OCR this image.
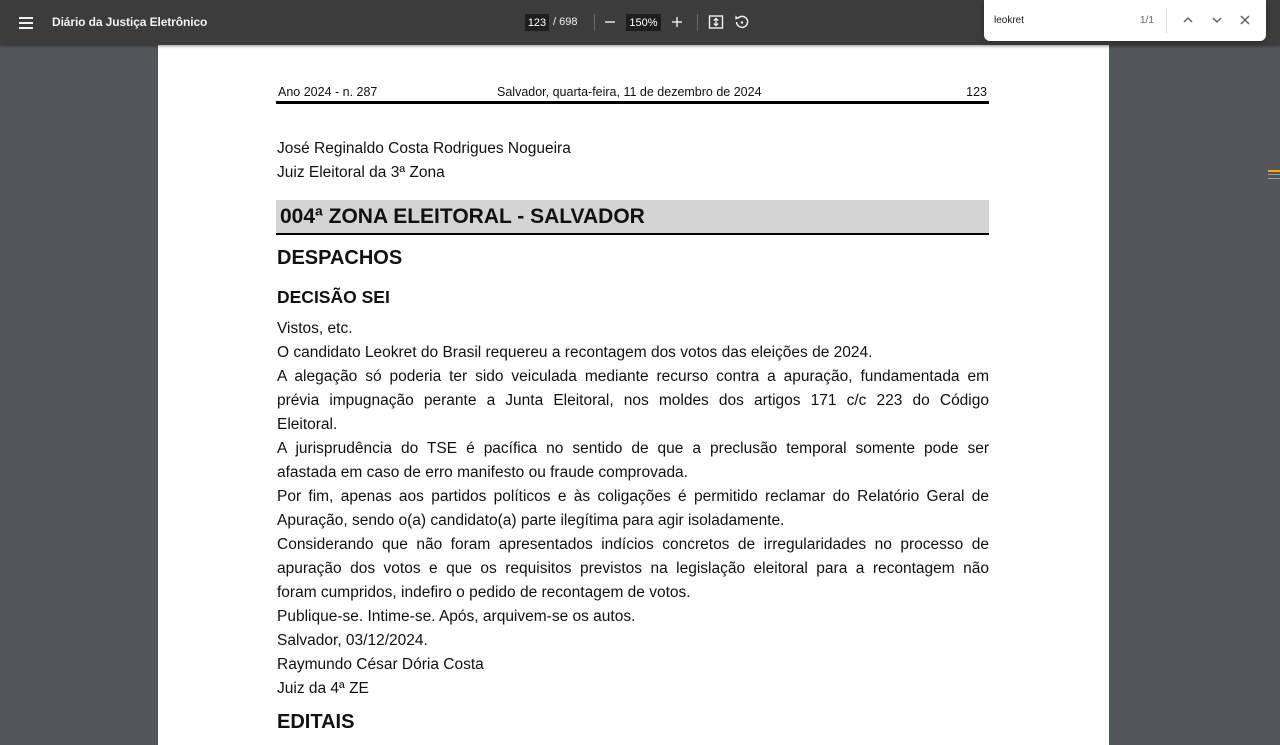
Diário da Justiça Eletrônico
123	/ 698
150%
leokret	1/1
Ano 2024 - n. 287	Salvador, quarta-feira, 11 de dezembro de 2024	123
José Reginaldo Costa Rodrigues Nogueira
Juiz Eleitoral da 3ª Zona
004ª ZONA ELEITORAL - SALVADOR
DESPACHOS
DECISÃO SEI
Vistos, etc.
O candidato Leokret do Brasil requereu a recontagem dos votos das eleições de 2024.
A alegação só poderia ter sido veiculada mediante recurso contra a apuração, fundamentada em
prévia impugnação perante a Junta Eleitoral, nos moldes dos artigos 171 c/c 223 do Código
Eleitoral.
A jurisprudência do TSE é pacífica no sentido de que a preclusão temporal somente pode ser
afastada em caso de erro manifesto ou fraude comprovada.
Por fim, apenas aos partidos políticos e às coligações é permitido reclamar do Relatório Geral de
Apuração, sendo o(a) candidato(a) parte ilegítima para agir isoladamente.
Considerando que não foram apresentados indícios concretos de irregularidades no processo de
apuração dos votos e que os requisitos previstos na legislação eleitoral para a recontagem não
foram cumpridos, indefiro o pedido de recontagem de votos.
Publique-se. Intime-se. Após, arquivem-se os autos.
Salvador, 03/12/2024.
Raymundo César Dória Costa
Juiz da 4ª ZE
EDITAIS
